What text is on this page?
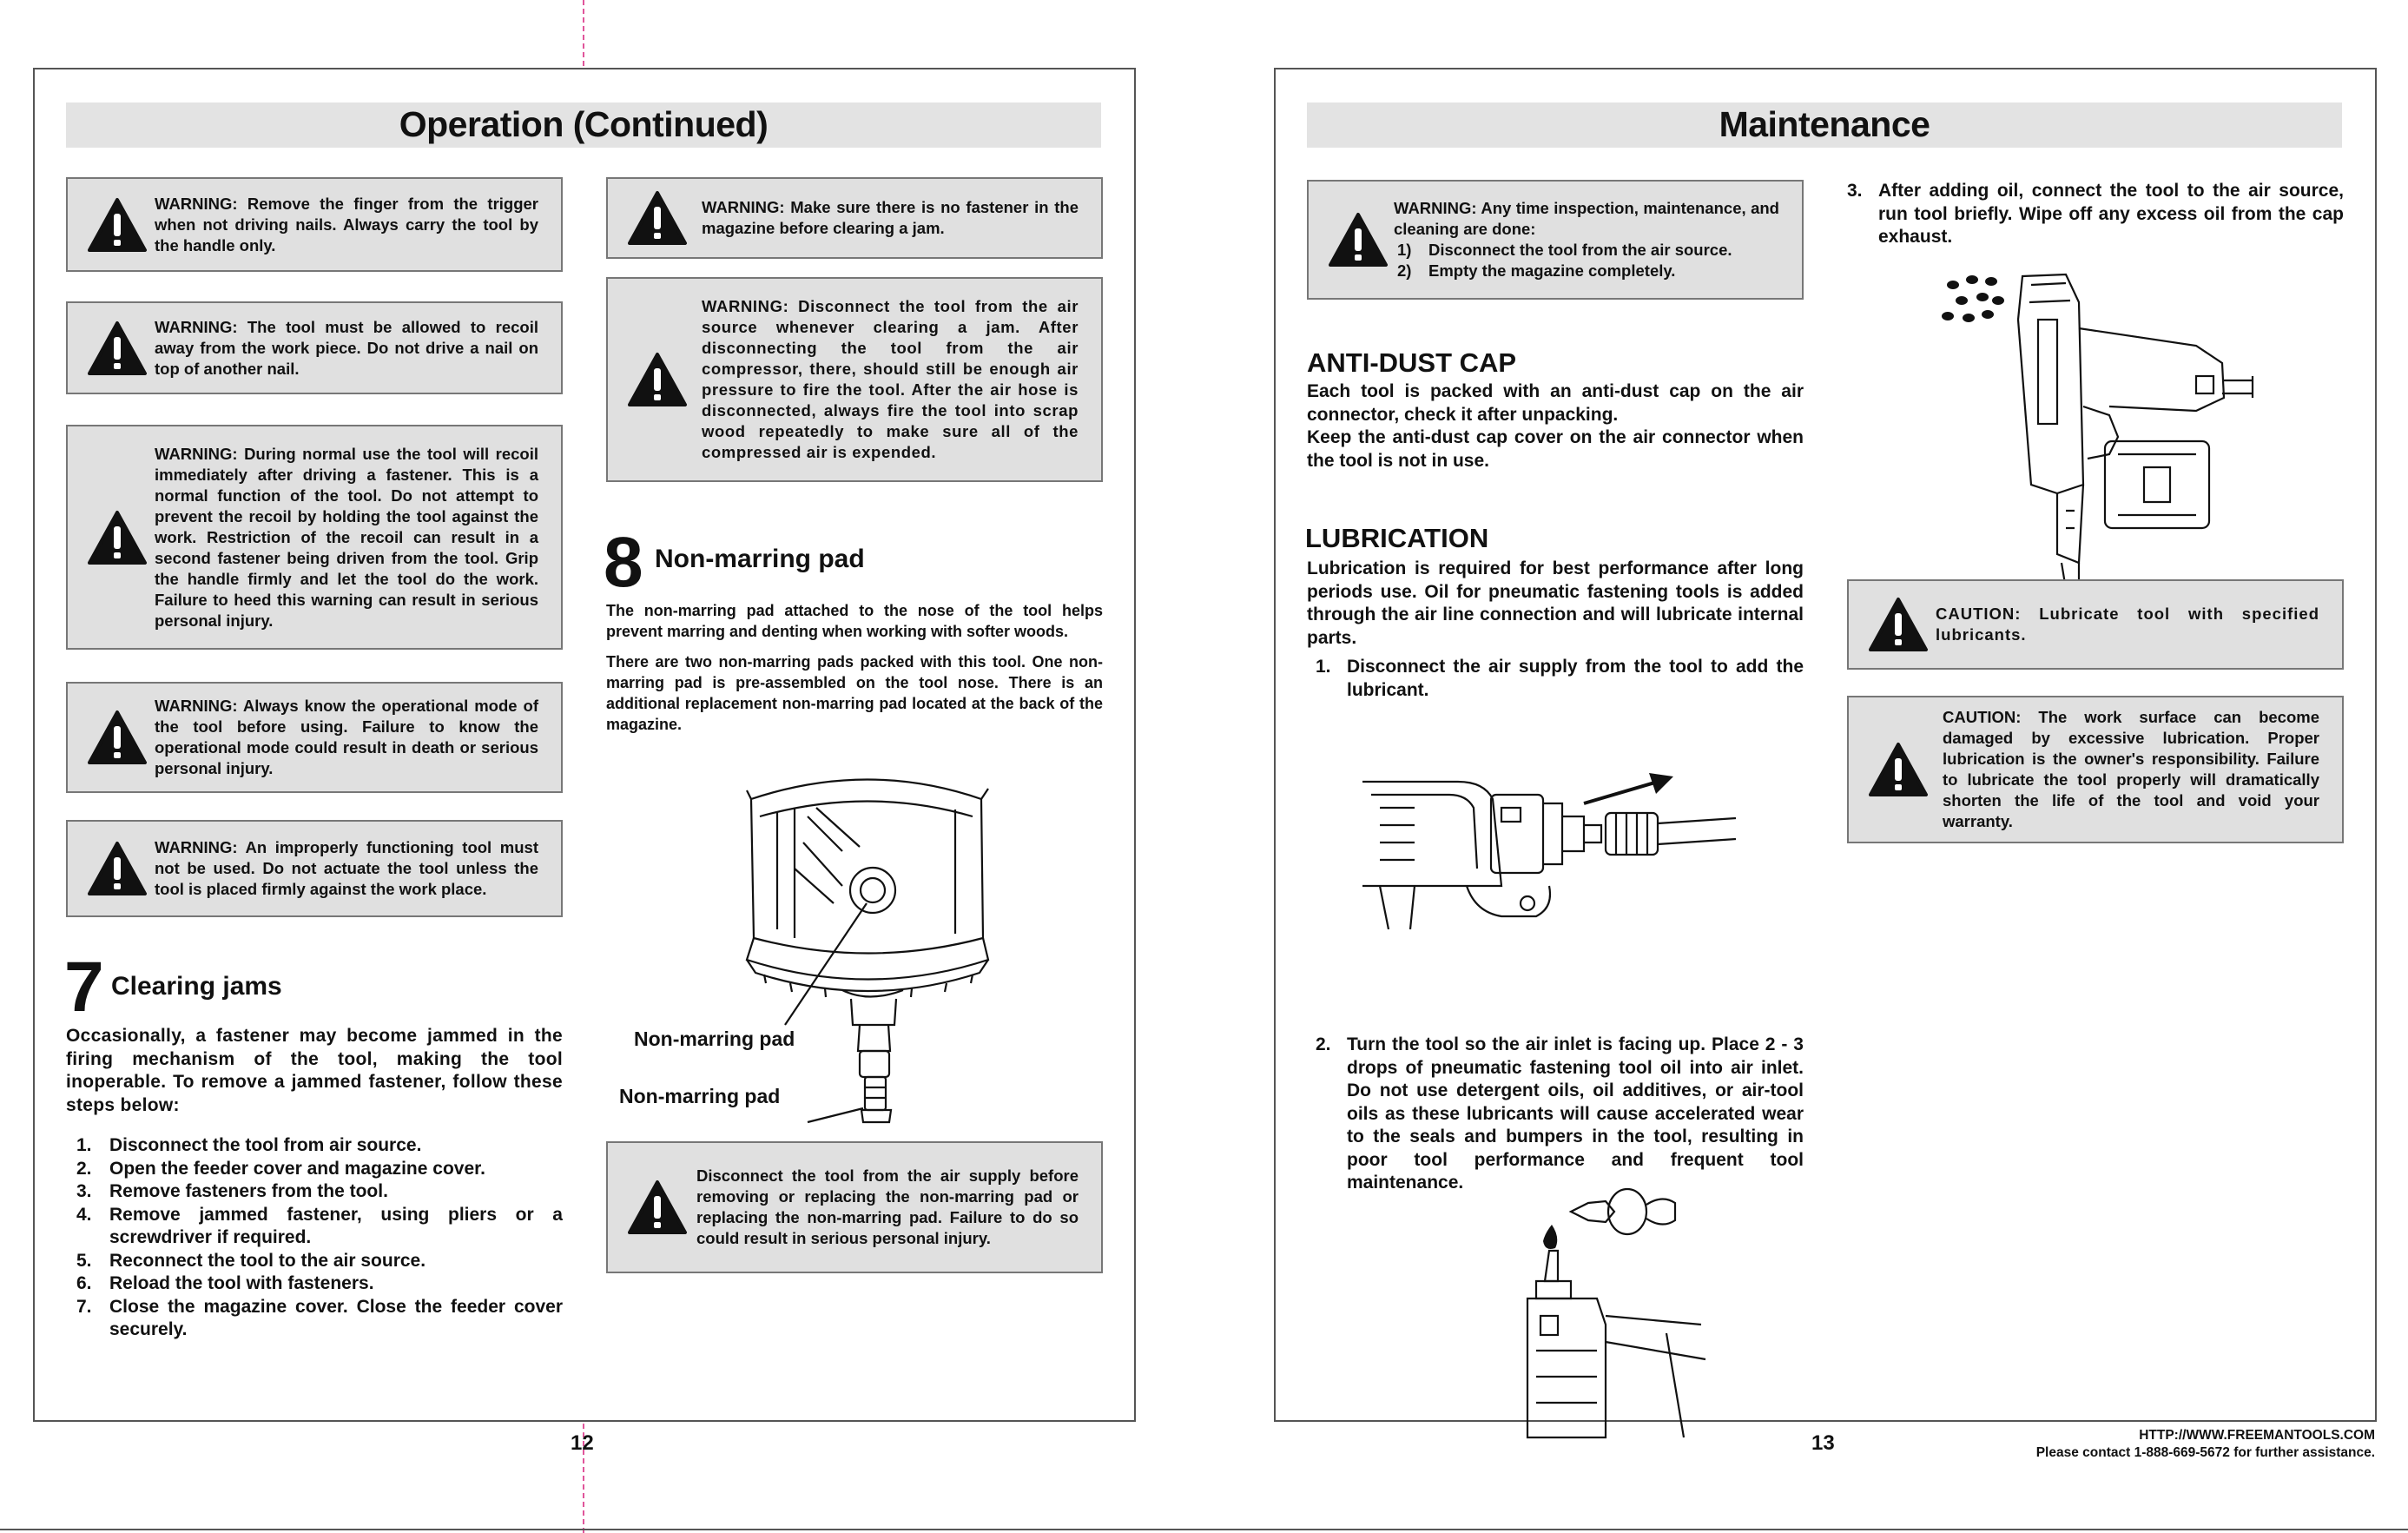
Operation (Continued)
WARNING: Remove the finger from the trigger when not driving nails. Always carry the tool by the handle only.
WARNING: The tool must be allowed to recoil away from the work piece. Do not drive a nail on top of another nail.
WARNING: During normal use the tool will recoil immediately after driving a fastener. This is a normal function of the tool. Do not attempt to prevent the recoil by holding the tool against the work. Restriction of the recoil can result in a second fastener being driven from the tool. Grip the handle firmly and let the tool do the work. Failure to heed this warning can result in serious personal injury.
WARNING: Always know the operational mode of the tool before using. Failure to know the operational mode could result in death or serious personal injury.
WARNING: An improperly functioning tool must not be used. Do not actuate the tool unless the tool is placed firmly against the work place.
7 Clearing jams
Occasionally, a fastener may become jammed in the firing mechanism of the tool, making the tool inoperable. To remove a jammed fastener, follow these steps below:
1. Disconnect the tool from air source.
2. Open the feeder cover and magazine cover.
3. Remove fasteners from the tool.
4. Remove jammed fastener, using pliers or a screwdriver if required.
5. Reconnect the tool to the air source.
6. Reload the tool with fasteners.
7. Close the magazine cover. Close the feeder cover securely.
WARNING: Make sure there is no fastener in the magazine before clearing a jam.
WARNING: Disconnect the tool from the air source whenever clearing a jam. After disconnecting the tool from the air compressor, there, should still be enough air pressure to fire the tool. After the air hose is disconnected, always fire the tool into scrap wood repeatedly to make sure all of the compressed air is expended.
8 Non-marring pad
The non-marring pad attached to the nose of the tool helps prevent marring and denting when working with softer woods.
There are two non-marring pads packed with this tool. One non-marring pad is pre-assembled on the tool nose. There is an additional replacement non-marring pad located at the back of the magazine.
Non-marring pad
Non-marring pad
Disconnect the tool from the air supply before removing or replacing the non-marring pad or replacing the non-marring pad. Failure to do so could result in serious personal injury.
12
Maintenance
WARNING: Any time inspection, maintenance, and cleaning are done:
1) Disconnect the tool from the air source.
2) Empty the magazine completely.
ANTI-DUST CAP
Each tool is packed with an anti-dust cap on the air connector, check it after unpacking.
Keep the anti-dust cap cover on the air connector when the tool is not in use.
LUBRICATION
Lubrication is required for best performance after long periods use. Oil for pneumatic fastening tools is added through the air line connection and will lubricate internal parts.
1. Disconnect the air supply from the tool to add the lubricant.
2. Turn the tool so the air inlet is facing up. Place 2 - 3 drops of pneumatic fastening tool oil into air inlet. Do not use detergent oils, oil additives, or air-tool oils as these lubricants will cause accelerated wear to the seals and bumpers in the tool, resulting in poor tool performance and frequent tool maintenance.
3. After adding oil, connect the tool to the air source, run tool briefly. Wipe off any excess oil from the cap exhaust.
CAUTION: Lubricate tool with specified lubricants.
CAUTION: The work surface can become damaged by excessive lubrication. Proper lubrication is the owner's responsibility. Failure to lubricate the tool properly will dramatically shorten the life of the tool and void your warranty.
13	HTTP://WWW.FREEMANTOOLS.COM
Please contact 1-888-669-5672 for further assistance.
